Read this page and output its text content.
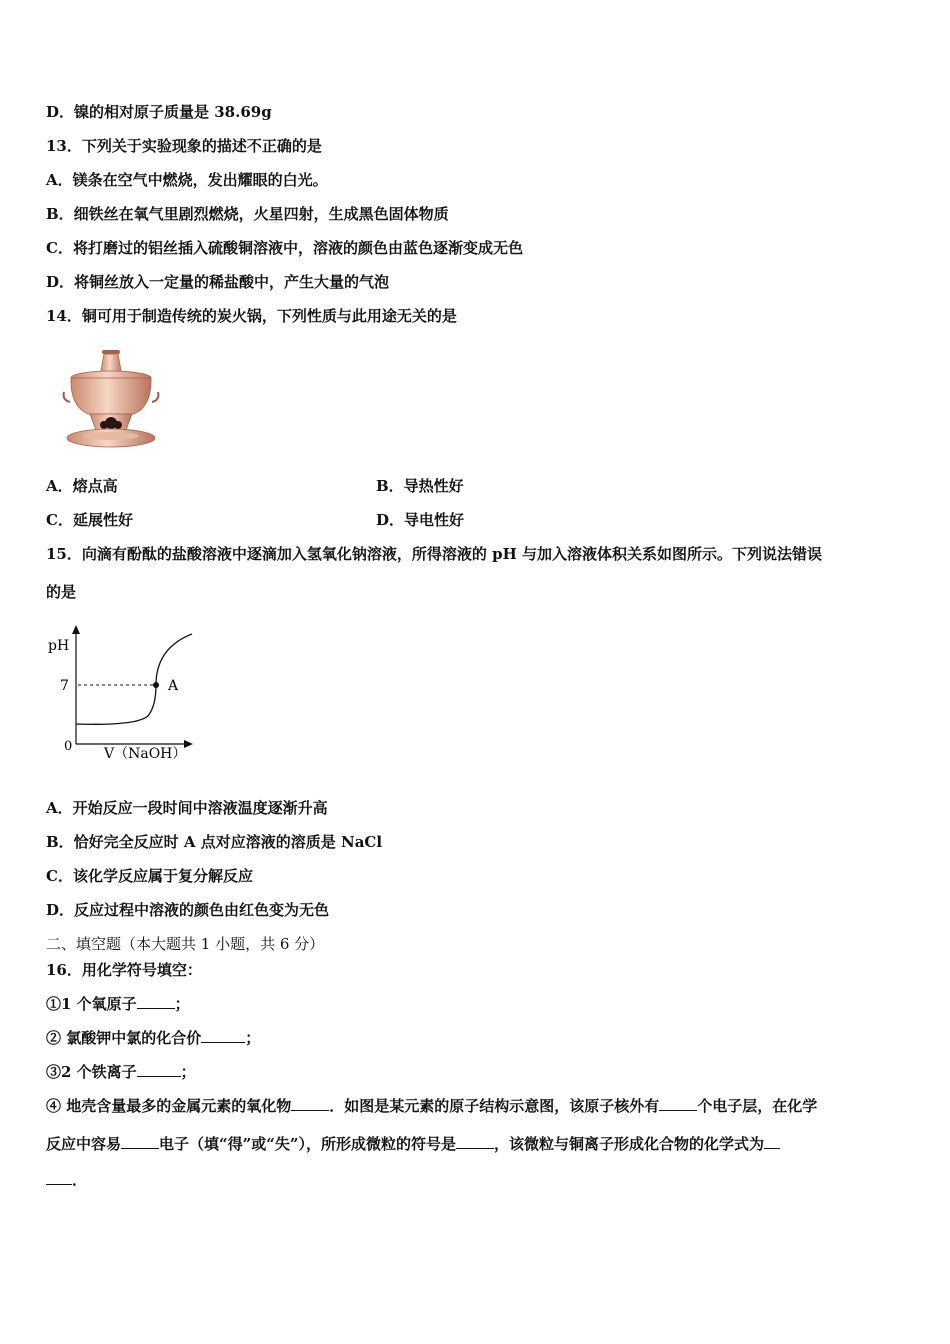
D．镍的相对原子质量是 38.69g
13．下列关于实验现象的描述不正确的是
A．镁条在空气中燃烧，发出耀眼的白光。
B．细铁丝在氧气里剧烈燃烧，火星四射，生成黑色固体物质
C．将打磨过的铝丝插入硫酸铜溶液中，溶液的颜色由蓝色逐渐变成无色
D．将铜丝放入一定量的稀盐酸中，产生大量的气泡
14．铜可用于制造传统的炭火锅，下列性质与此用途无关的是
A．熔点高	B．导热性好
C．延展性好	D．导电性好
15．向滴有酚酞的盐酸溶液中逐滴加入氢氧化钠溶液，所得溶液的 pH 与加入溶液体积关系如图所示。下列说法错误
的是
pH
7
0
A
V（NaOH）
A．开始反应一段时间中溶液温度逐渐升高
B．恰好完全反应时 A 点对应溶液的溶质是 NaCl
C．该化学反应属于复分解反应
D．反应过程中溶液的颜色由红色变为无色
二、填空题（本大题共 1 小题，共 6 分）
16．用化学符号填空：
①1 个氧原子	；
② 氯酸钾中氯的化合价	；
③2 个铁离子	；
④ 地壳含量最多的金属元素的氧化物	．如图是某元素的原子结构示意图，该原子核外有	个电子层，在化学
反应中容易	电子（填“得”或“失”），所形成微粒的符号是	，该微粒与铜离子形成化合物的化学式为
．
